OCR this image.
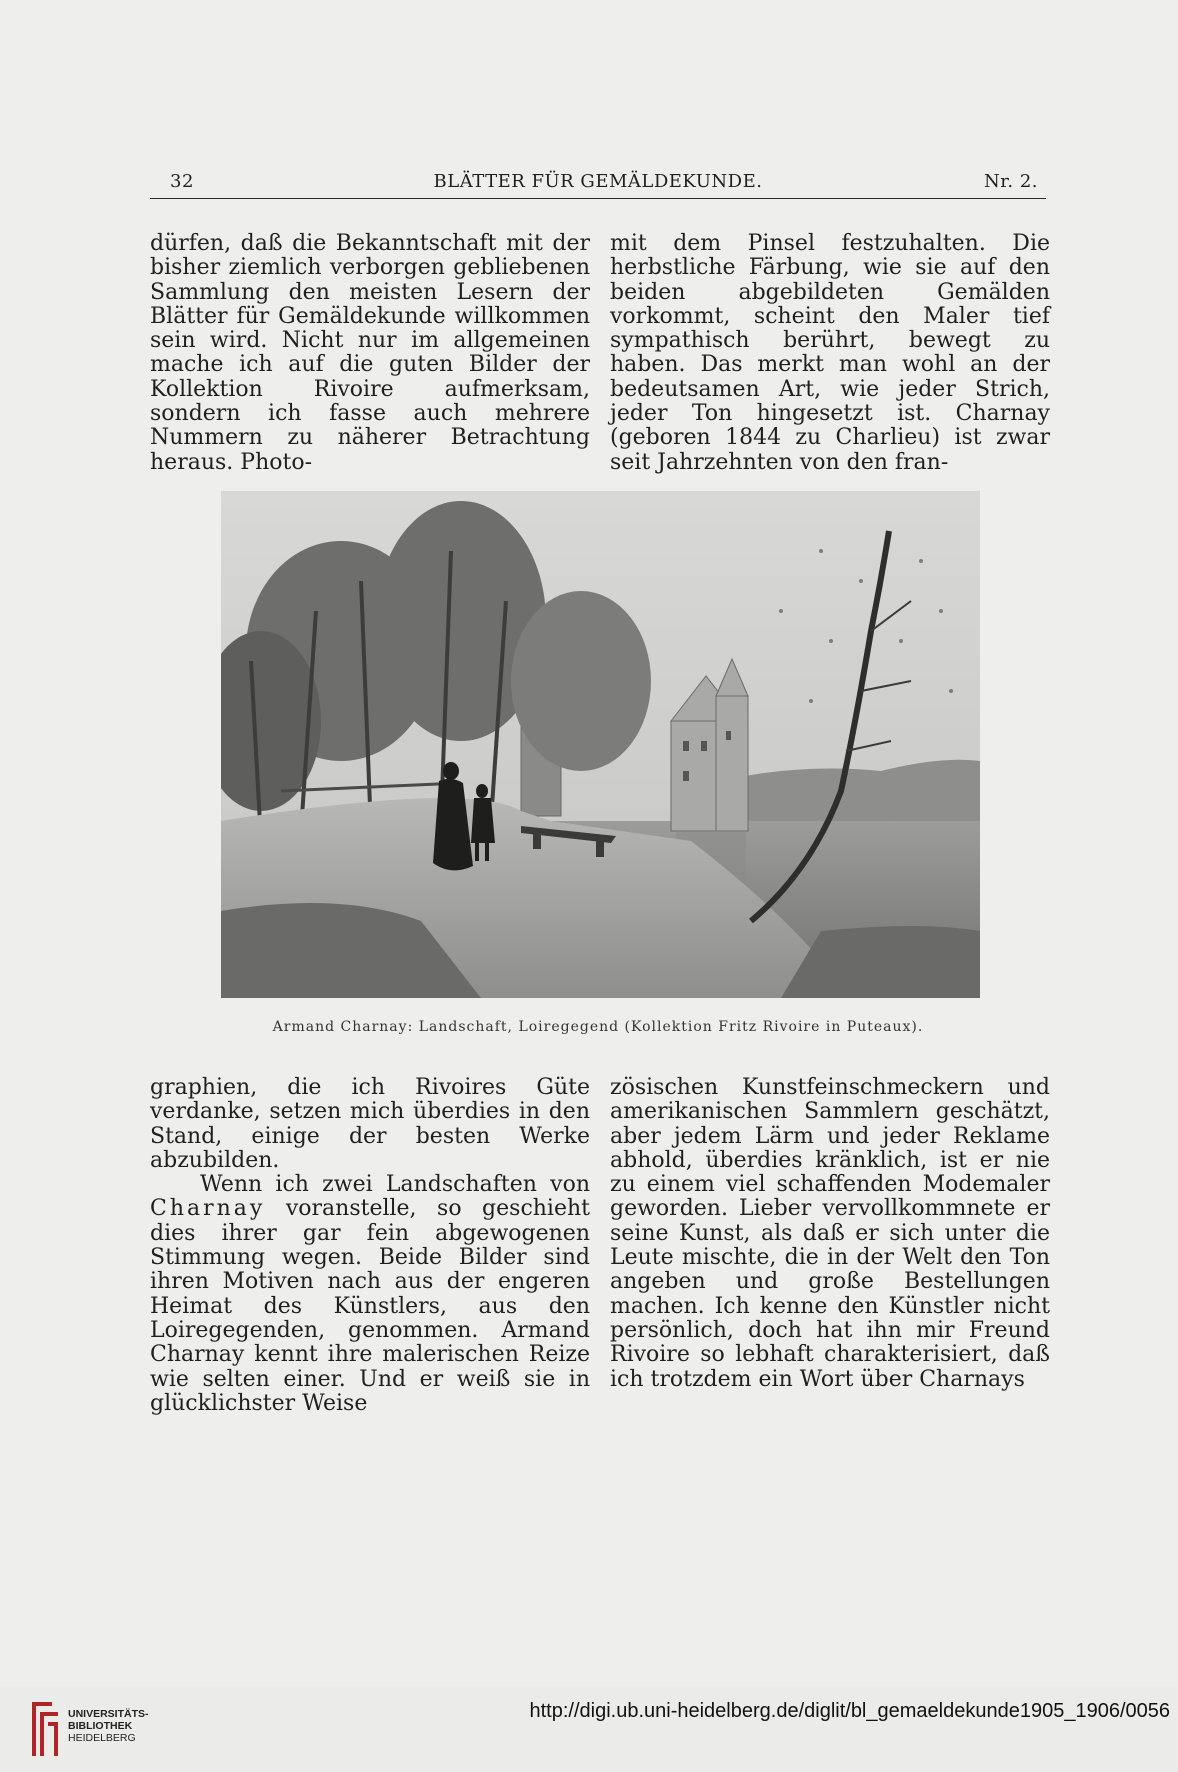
32	BLÄTTER FÜR GEMÄLDEKUNDE.	Nr. 2.

dürfen, daß die Bekanntschaft mit der bisher ziemlich verborgen gebliebenen Sammlung den meisten Lesern der Blätter für Gemäldekunde willkommen sein wird. Nicht nur im allgemeinen mache ich auf die guten Bilder der Kollektion Rivoire aufmerksam, sondern ich fasse auch mehrere Nummern zu näherer Betrachtung heraus. Photo-

mit dem Pinsel festzuhalten. Die herbstliche Färbung, wie sie auf den beiden abgebildeten Gemälden vorkommt, scheint den Maler tief sympathisch berührt, bewegt zu haben. Das merkt man wohl an der bedeutsamen Art, wie jeder Strich, jeder Ton hingesetzt ist. Charnay (geboren 1844 zu Charlieu) ist zwar seit Jahrzehnten von den fran-

Armand Charnay: Landschaft, Loiregegend (Kollektion Fritz Rivoire in Puteaux).

graphien, die ich Rivoires Güte verdanke, setzen mich überdies in den Stand, einige der besten Werke abzubilden.

Wenn ich zwei Landschaften von Charnay voranstelle, so geschieht dies ihrer gar fein abgewogenen Stimmung wegen. Beide Bilder sind ihren Motiven nach aus der engeren Heimat des Künstlers, aus den Loiregegenden, genommen. Armand Charnay kennt ihre malerischen Reize wie selten einer. Und er weiß sie in glücklichster Weise

zösischen Kunstfeinschmeckern und amerikanischen Sammlern geschätzt, aber jedem Lärm und jeder Reklame abhold, überdies kränklich, ist er nie zu einem viel schaffenden Modemaler geworden. Lieber vervollkommnete er seine Kunst, als daß er sich unter die Leute mischte, die in der Welt den Ton angeben und große Bestellungen machen. Ich kenne den Künstler nicht persönlich, doch hat ihn mir Freund Rivoire so lebhaft charakterisiert, daß ich trotzdem ein Wort über Charnays

UNIVERSITÄTS-
BIBLIOTHEK
HEIDELBERG
http://digi.ub.uni-heidelberg.de/diglit/bl_gemaeldekunde1905_1906/0056
